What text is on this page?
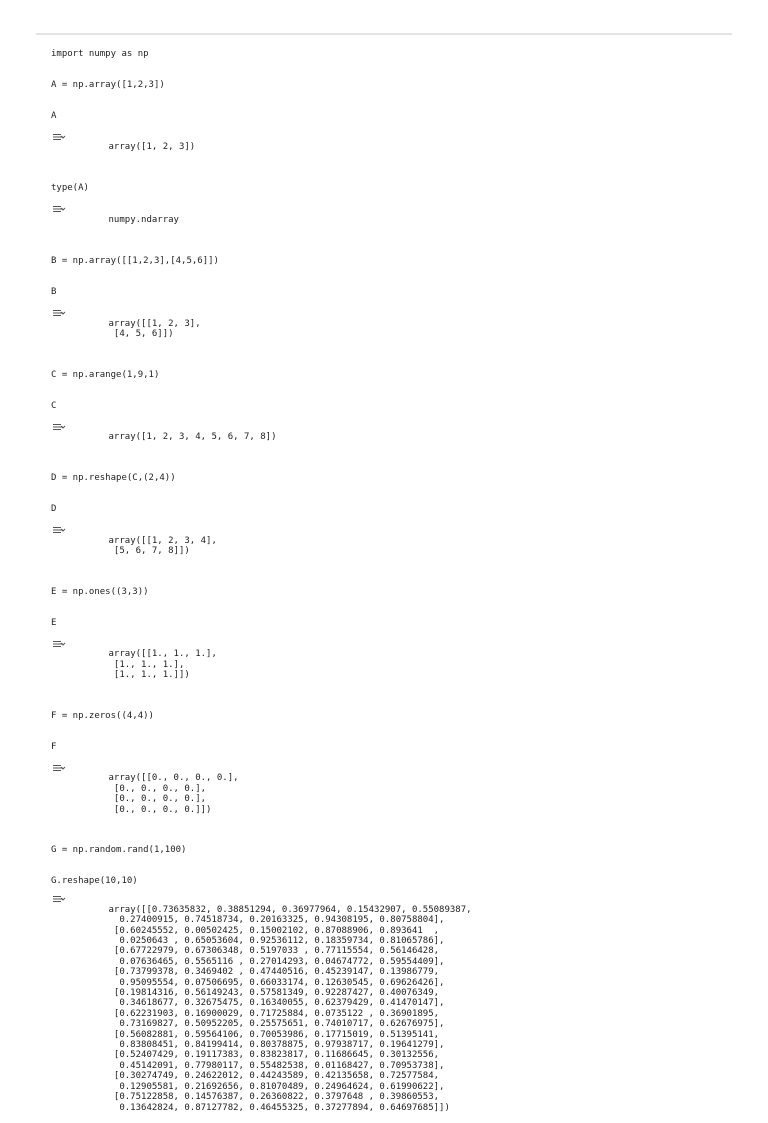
import numpy as np
A = np.array([1,2,3])
A

array([1, 2, 3])

type(A)

numpy.ndarray

B = np.array([[1,2,3],[4,5,6]])
B

array([[1, 2, 3],
[4, 5, 6]])

C = np.arange(1,9,1)
C

array([1, 2, 3, 4, 5, 6, 7, 8])

D = np.reshape(C,(2,4))
D

array([[1, 2, 3, 4],
[5, 6, 7, 8]])

E = np.ones((3,3))
E

array([[1., 1., 1.],
[1., 1., 1.],
[1., 1., 1.]])

F = np.zeros((4,4))
F

array([[0., 0., 0., 0.],
[0., 0., 0., 0.],
[0., 0., 0., 0.],
[0., 0., 0., 0.]])

G = np.random.rand(1,100)
G.reshape(10,10)

array([[0.73635832, 0.38851294, 0.36977964, 0.15432907, 0.55089387,
0.27400915, 0.74518734, 0.20163325, 0.94308195, 0.80758804],
[0.60245552, 0.00502425, 0.15002102, 0.87088906, 0.893641  ,
0.0250643 , 0.65053604, 0.92536112, 0.18359734, 0.81065786],
[0.67722979, 0.67306348, 0.5197033 , 0.77115554, 0.56146428,
0.07636465, 0.5565116 , 0.27014293, 0.04674772, 0.59554409],
[0.73799378, 0.3469402 , 0.47440516, 0.45239147, 0.13986779,
0.95095554, 0.07506695, 0.66033174, 0.12630545, 0.69626426],
[0.19814316, 0.56149243, 0.57581349, 0.92287427, 0.40076349,
0.34618677, 0.32675475, 0.16340055, 0.62379429, 0.41470147],
[0.62231903, 0.16900029, 0.71725884, 0.0735122 , 0.36901895,
0.73169827, 0.50952205, 0.25575651, 0.74010717, 0.62676975],
[0.56082881, 0.59564106, 0.70053986, 0.17715019, 0.51395141,
0.83808451, 0.84199414, 0.80378875, 0.97938717, 0.19641279],
[0.52407429, 0.19117383, 0.83823817, 0.11686645, 0.30132556,
0.45142091, 0.77980117, 0.55482538, 0.01168427, 0.70953738],
[0.30274749, 0.24622012, 0.44243589, 0.42135658, 0.72577584,
0.12905581, 0.21692656, 0.81070489, 0.24964624, 0.61990622],
[0.75122858, 0.14576387, 0.26360822, 0.3797648 , 0.39860553,
0.13642824, 0.87127782, 0.46455325, 0.37277894, 0.64697685]])
